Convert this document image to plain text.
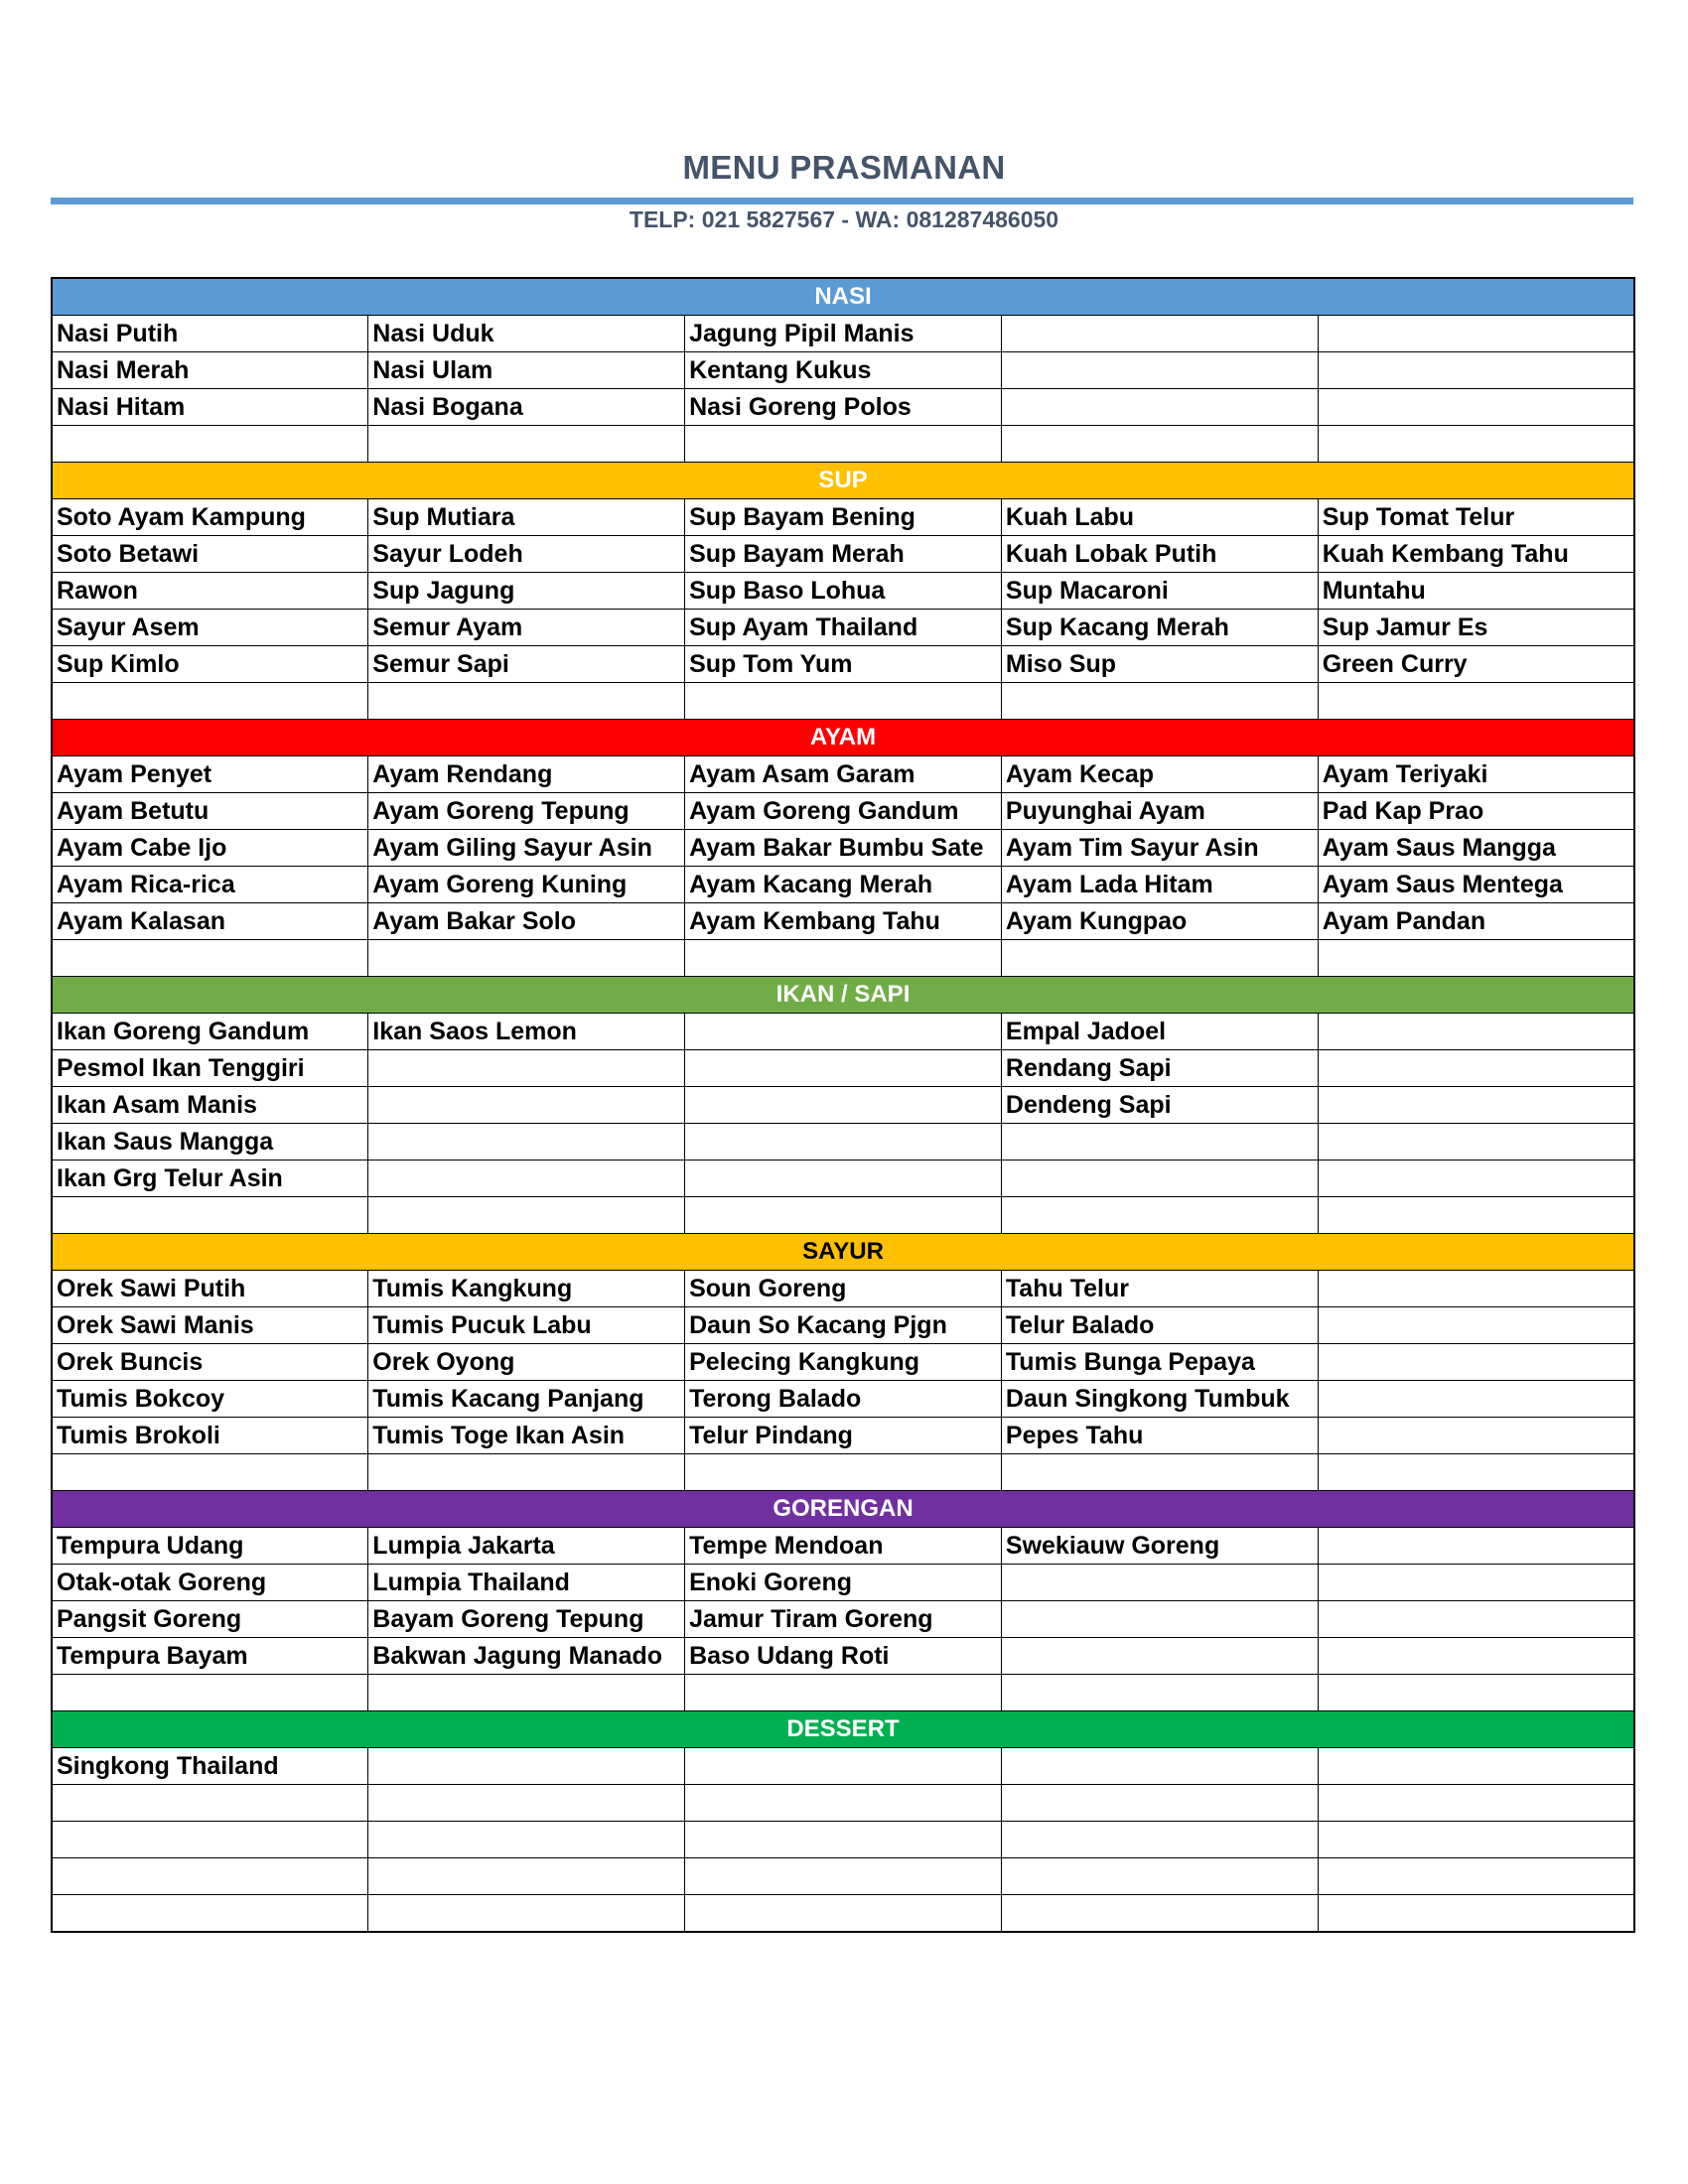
MENU PRASMANAN
TELP: 021 5827567 - WA: 081287486050
NASI				
Nasi Putih	Nasi Uduk	Jagung Pipil Manis		
Nasi Merah	Nasi Ulam	Kentang Kukus		
Nasi Hitam	Nasi Bogana	Nasi Goreng Polos		

SUP				
Soto Ayam Kampung	Sup Mutiara	Sup Bayam Bening	Kuah Labu	Sup Tomat Telur
Soto Betawi	Sayur Lodeh	Sup Bayam Merah	Kuah Lobak Putih	Kuah Kembang Tahu
Rawon	Sup Jagung	Sup Baso Lohua	Sup Macaroni	Muntahu
Sayur Asem	Semur Ayam	Sup Ayam Thailand	Sup Kacang Merah	Sup Jamur Es
Sup Kimlo	Semur Sapi	Sup Tom Yum	Miso Sup	Green Curry

AYAM				
Ayam Penyet	Ayam Rendang	Ayam Asam Garam	Ayam Kecap	Ayam Teriyaki
Ayam Betutu	Ayam Goreng Tepung	Ayam Goreng Gandum	Puyunghai Ayam	Pad Kap Prao
Ayam Cabe Ijo	Ayam Giling Sayur Asin	Ayam Bakar Bumbu Sate	Ayam Tim Sayur Asin	Ayam Saus Mangga
Ayam Rica-rica	Ayam Goreng Kuning	Ayam Kacang Merah	Ayam Lada Hitam	Ayam Saus Mentega
Ayam Kalasan	Ayam Bakar Solo	Ayam Kembang Tahu	Ayam Kungpao	Ayam Pandan

IKAN / SAPI				
Ikan Goreng Gandum	Ikan Saos Lemon		Empal Jadoel	
Pesmol Ikan Tenggiri			Rendang Sapi	
Ikan Asam Manis			Dendeng Sapi	
Ikan Saus Mangga				
Ikan Grg Telur Asin				

SAYUR				
Orek Sawi Putih	Tumis Kangkung	Soun Goreng	Tahu Telur	
Orek Sawi Manis	Tumis Pucuk Labu	Daun So Kacang Pjgn	Telur Balado	
Orek Buncis	Orek Oyong	Pelecing Kangkung	Tumis Bunga Pepaya	
Tumis Bokcoy	Tumis Kacang Panjang	Terong Balado	Daun Singkong Tumbuk	
Tumis Brokoli	Tumis Toge Ikan Asin	Telur Pindang	Pepes Tahu	

GORENGAN				
Tempura Udang	Lumpia Jakarta	Tempe Mendoan	Swekiauw Goreng	
Otak-otak Goreng	Lumpia Thailand	Enoki Goreng		
Pangsit Goreng	Bayam Goreng Tepung	Jamur Tiram Goreng		
Tempura Bayam	Bakwan Jagung Manado	Baso Udang Roti		

DESSERT				
Singkong Thailand				
